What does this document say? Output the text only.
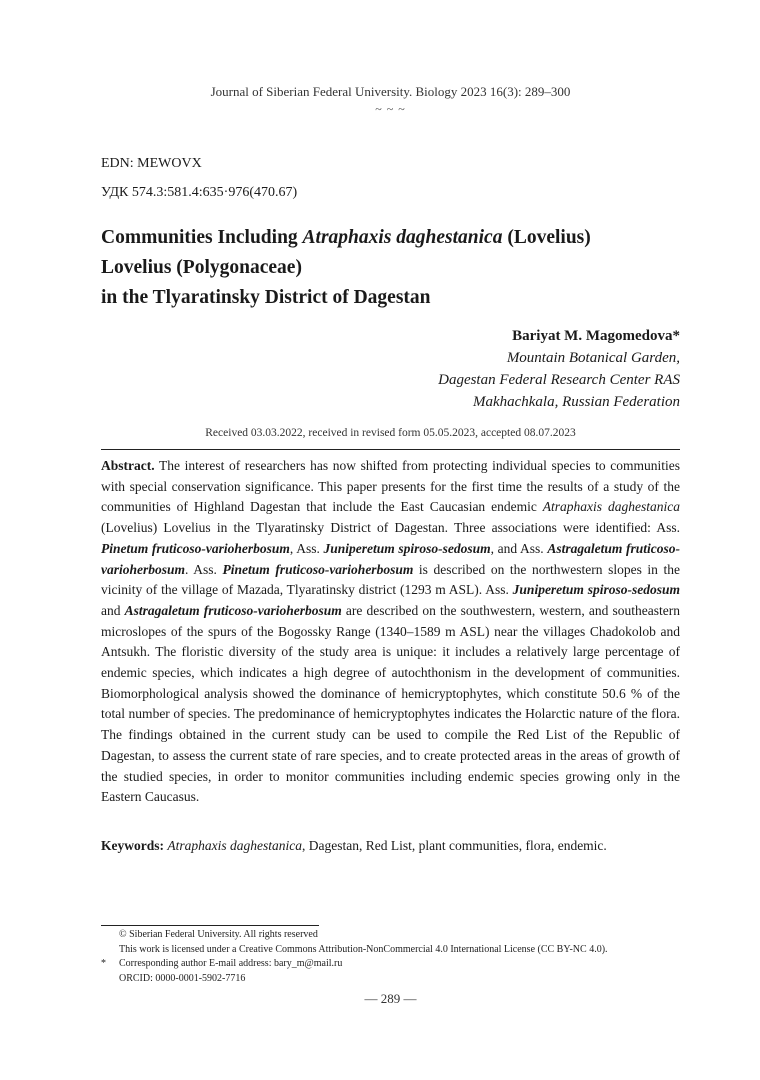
Journal of Siberian Federal University. Biology 2023 16(3): 289–300
~ ~ ~
EDN: MEWOVX
УДК 574.3:581.4:635·976(470.67)
Communities Including Atraphaxis daghestanica (Lovelius)
Lovelius (Polygonaceae)
in the Tlyaratinsky District of Dagestan
Bariyat M. Magomedova*
Mountain Botanical Garden,
Dagestan Federal Research Center RAS
Makhachkala, Russian Federation
Received 03.03.2022, received in revised form 05.05.2023, accepted 08.07.2023

Abstract. The interest of researchers has now shifted from protecting individual species to communities with special conservation significance. This paper presents for the first time the results of a study of the communities of Highland Dagestan that include the East Caucasian endemic Atraphaxis daghestanica (Lovelius) Lovelius in the Tlyaratinsky District of Dagestan. Three associations were identified: Ass. Pinetum fruticoso-varioherbosum, Ass. Juniperetum spiroso-sedosum, and Ass. Astragaletum fruticoso-varioherbosum. Ass. Pinetum fruticoso-varioherbosum is described on the northwestern slopes in the vicinity of the village of Mazada, Tlyaratinsky district (1293 m ASL). Ass. Juniperetum spiroso-sedosum and Astragaletum fruticoso-varioherbosum are described on the southwestern, western, and southeastern microslopes of the spurs of the Bogossky Range (1340–1589 m ASL) near the villages Chadokolob and Antsukh. The floristic diversity of the study area is unique: it includes a relatively large percentage of endemic species, which indicates a high degree of autochthonism in the development of communities. Biomorphological analysis showed the dominance of hemicryptophytes, which constitute 50.6 % of the total number of species. The predominance of hemicryptophytes indicates the Holarctic nature of the flora. The findings obtained in the current study can be used to compile the Red List of the Republic of Dagestan, to assess the current state of rare species, and to create protected areas in the areas of growth of the studied species, in order to monitor communities including endemic species growing only in the Eastern Caucasus.

Keywords: Atraphaxis daghestanica, Dagestan, Red List, plant communities, flora, endemic.
© Siberian Federal University. All rights reserved
This work is licensed under a Creative Commons Attribution-NonCommercial 4.0 International License (CC BY-NC 4.0).
* Corresponding author E-mail address: bary_m@mail.ru
ORCID: 0000-0001-5902-7716
— 289 —
